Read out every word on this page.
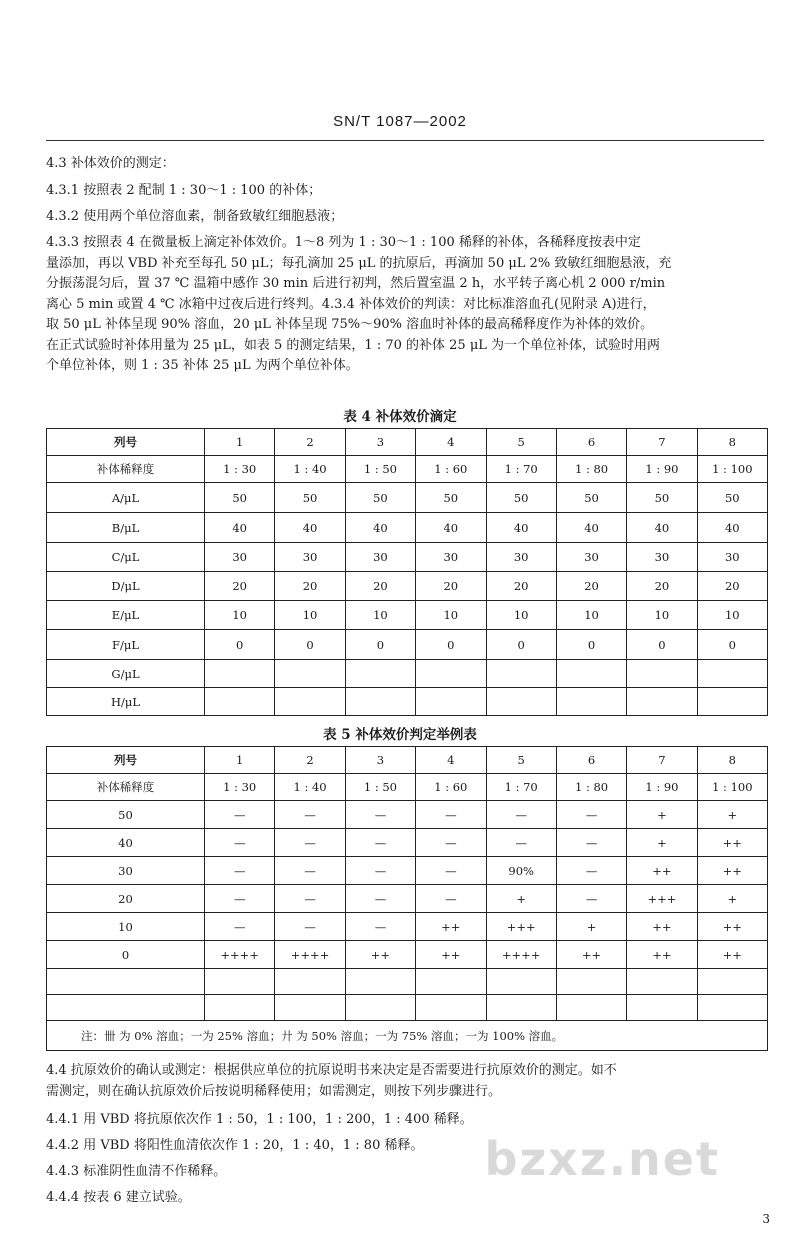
SN/T 1087—2002
4.3 补体效价的测定：
4.3.1 按照表 2 配制 1 : 30～1 : 100 的补体；
4.3.2 使用两个单位溶血素，制备致敏红细胞悬液；
4.3.3 按照表 4 在微量板上滴定补体效价。1～8 列为 1 : 30～1 : 100 稀释的补体，各稀释度按表中定
量添加，再以 VBD 补充至每孔 50 μL；每孔滴加 25 μL 的抗原后，再滴加 50 μL 2% 致敏红细胞悬液，充
分振荡混匀后，置 37 ℃ 温箱中感作 30 min 后进行初判，然后置室温 2 h，水平转子离心机 2 000 r/min
离心 5 min 或置 4 ℃ 冰箱中过夜后进行终判。4.3.4 补体效价的判读：对比标准溶血孔(见附录 A)进行，
取 50 μL 补体呈现 90% 溶血，20 μL 补体呈现 75%～90% 溶血时补体的最高稀释度作为补体的效价。
在正式试验时补体用量为 25 μL，如表 5 的测定结果，1 : 70 的补体 25 μL 为一个单位补体，试验时用两
个单位补体，则 1 : 35 补体 25 μL 为两个单位补体。
表 4 补体效价滴定
列号	1	2	3	4	5	6	7	8
补体稀释度	1 : 30	1 : 40	1 : 50	1 : 60	1 : 70	1 : 80	1 : 90	1 : 100
A/μL	50	50	50	50	50	50	50	50
B/μL	40	40	40	40	40	40	40	40
C/μL	30	30	30	30	30	30	30	30
D/μL	20	20	20	20	20	20	20	20
E/μL	10	10	10	10	10	10	10	10
F/μL	0	0	0	0	0	0	0	0
G/μL								
H/μL								
表 5 补体效价判定举例表
列号	1	2	3	4	5	6	7	8
补体稀释度	1 : 30	1 : 40	1 : 50	1 : 60	1 : 70	1 : 80	1 : 90	1 : 100
50	—	—	—	—	—	—	+	+
40	—	—	—	—	—	—	+	++
30	—	—	—	—	90%	—	++	++
20	—	—	—	—	+	—	+++	+
10	—	—	—	++	+++	+	++	++
0	++++	++++	++	++	++++	++	++	++

注：卌 为 0% 溶血；一为 25% 溶血；廾 为 50% 溶血；一为 75% 溶血；一为 100% 溶血。								
4.4 抗原效价的确认或测定：根据供应单位的抗原说明书来决定是否需要进行抗原效价的测定。如不
需测定，则在确认抗原效价后按说明稀释使用；如需测定，则按下列步骤进行。
4.4.1 用 VBD 将抗原依次作 1 : 50，1 : 100，1 : 200，1 : 400 稀释。
4.4.2 用 VBD 将阳性血清依次作 1 : 20，1 : 40，1 : 80 稀释。
4.4.3 标准阴性血清不作稀释。
4.4.4 按表 6 建立试验。
bzxz.net
3
